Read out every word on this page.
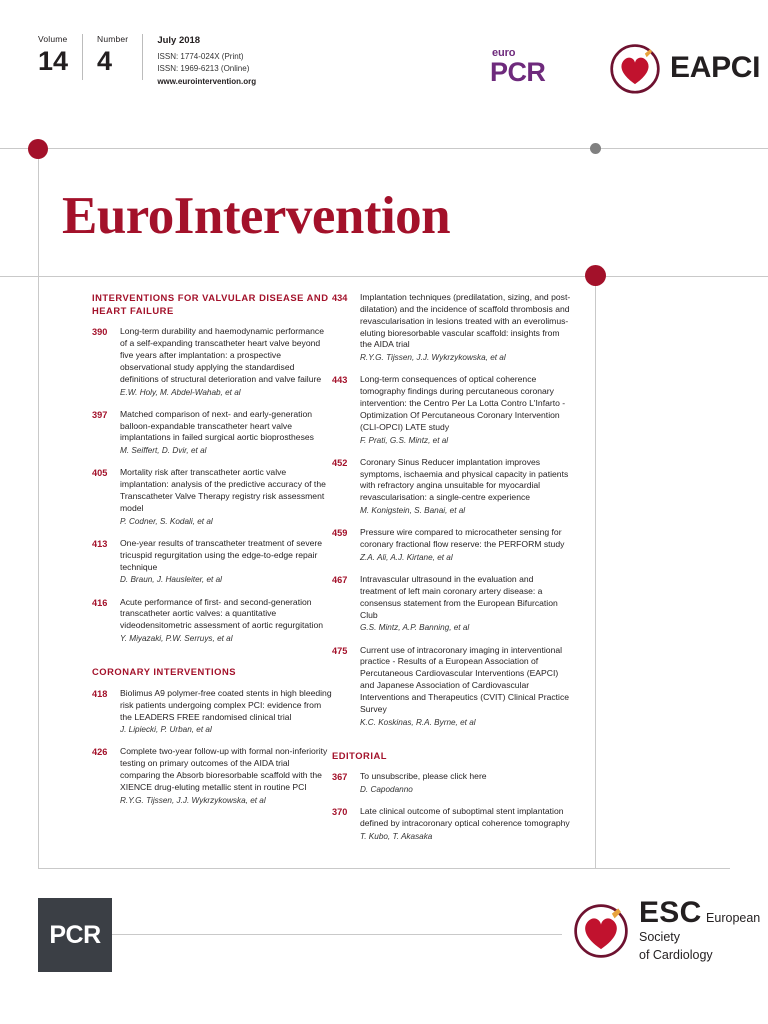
Volume
14
Number
4
July 2018
ISSN: 1774-024X (Print)
ISSN: 1969-6213 (Online)
www.eurointervention.org
euro
PCR	EAPCI
EuroIntervention
INTERVENTIONS FOR VALVULAR DISEASE AND HEART FAILURE
390	Long-term durability and haemodynamic performance of a self-expanding transcatheter heart valve beyond five years after implantation: a prospective observational study applying the standardised definitions of structural deterioration and valve failure
E.W. Holy, M. Abdel-Wahab, et al
397	Matched comparison of next- and early-generation balloon-expandable transcatheter heart valve implantations in failed surgical aortic bioprostheses
M. Seiffert, D. Dvir, et al
405	Mortality risk after transcatheter aortic valve implantation: analysis of the predictive accuracy of the Transcatheter Valve Therapy registry risk assessment model
P. Codner, S. Kodali, et al
413	One-year results of transcatheter treatment of severe tricuspid regurgitation using the edge-to-edge repair technique
D. Braun, J. Hausleiter, et al
416	Acute performance of first- and second-generation transcatheter aortic valves: a quantitative videodensitometric assessment of aortic regurgitation
Y. Miyazaki, P.W. Serruys, et al
CORONARY INTERVENTIONS
418	Biolimus A9 polymer-free coated stents in high bleeding risk patients undergoing complex PCI: evidence from the LEADERS FREE randomised clinical trial
J. Lipiecki, P. Urban, et al
426	Complete two-year follow-up with formal non-inferiority testing on primary outcomes of the AIDA trial comparing the Absorb bioresorbable scaffold with the XIENCE drug-eluting metallic stent in routine PCI
R.Y.G. Tijssen, J.J. Wykrzykowska, et al
434	Implantation techniques (predilatation, sizing, and post-dilatation) and the incidence of scaffold thrombosis and revascularisation in lesions treated with an everolimus-eluting bioresorbable vascular scaffold: insights from the AIDA trial
R.Y.G. Tijssen, J.J. Wykrzykowska, et al
443	Long-term consequences of optical coherence tomography findings during percutaneous coronary intervention: the Centro Per La Lotta Contro L'Infarto - Optimization Of Percutaneous Coronary Intervention (CLI-OPCI) LATE study
F. Prati, G.S. Mintz, et al
452	Coronary Sinus Reducer implantation improves symptoms, ischaemia and physical capacity in patients with refractory angina unsuitable for myocardial revascularisation: a single-centre experience
M. Konigstein, S. Banai, et al
459	Pressure wire compared to microcatheter sensing for coronary fractional flow reserve: the PERFORM study
Z.A. Ali, A.J. Kirtane, et al
467	Intravascular ultrasound in the evaluation and treatment of left main coronary artery disease: a consensus statement from the European Bifurcation Club
G.S. Mintz, A.P. Banning, et al
475	Current use of intracoronary imaging in interventional practice - Results of a European Association of Percutaneous Cardiovascular Interventions (EAPCI) and Japanese Association of Cardiovascular Interventions and Therapeutics (CVIT) Clinical Practice Survey
K.C. Koskinas, R.A. Byrne, et al
EDITORIAL
367	To unsubscribe, please click here
D. Capodanno
370	Late clinical outcome of suboptimal stent implantation defined by intracoronary optical coherence tomography
T. Kubo, T. Akasaka
PCR
ESC European Society
of Cardiology
